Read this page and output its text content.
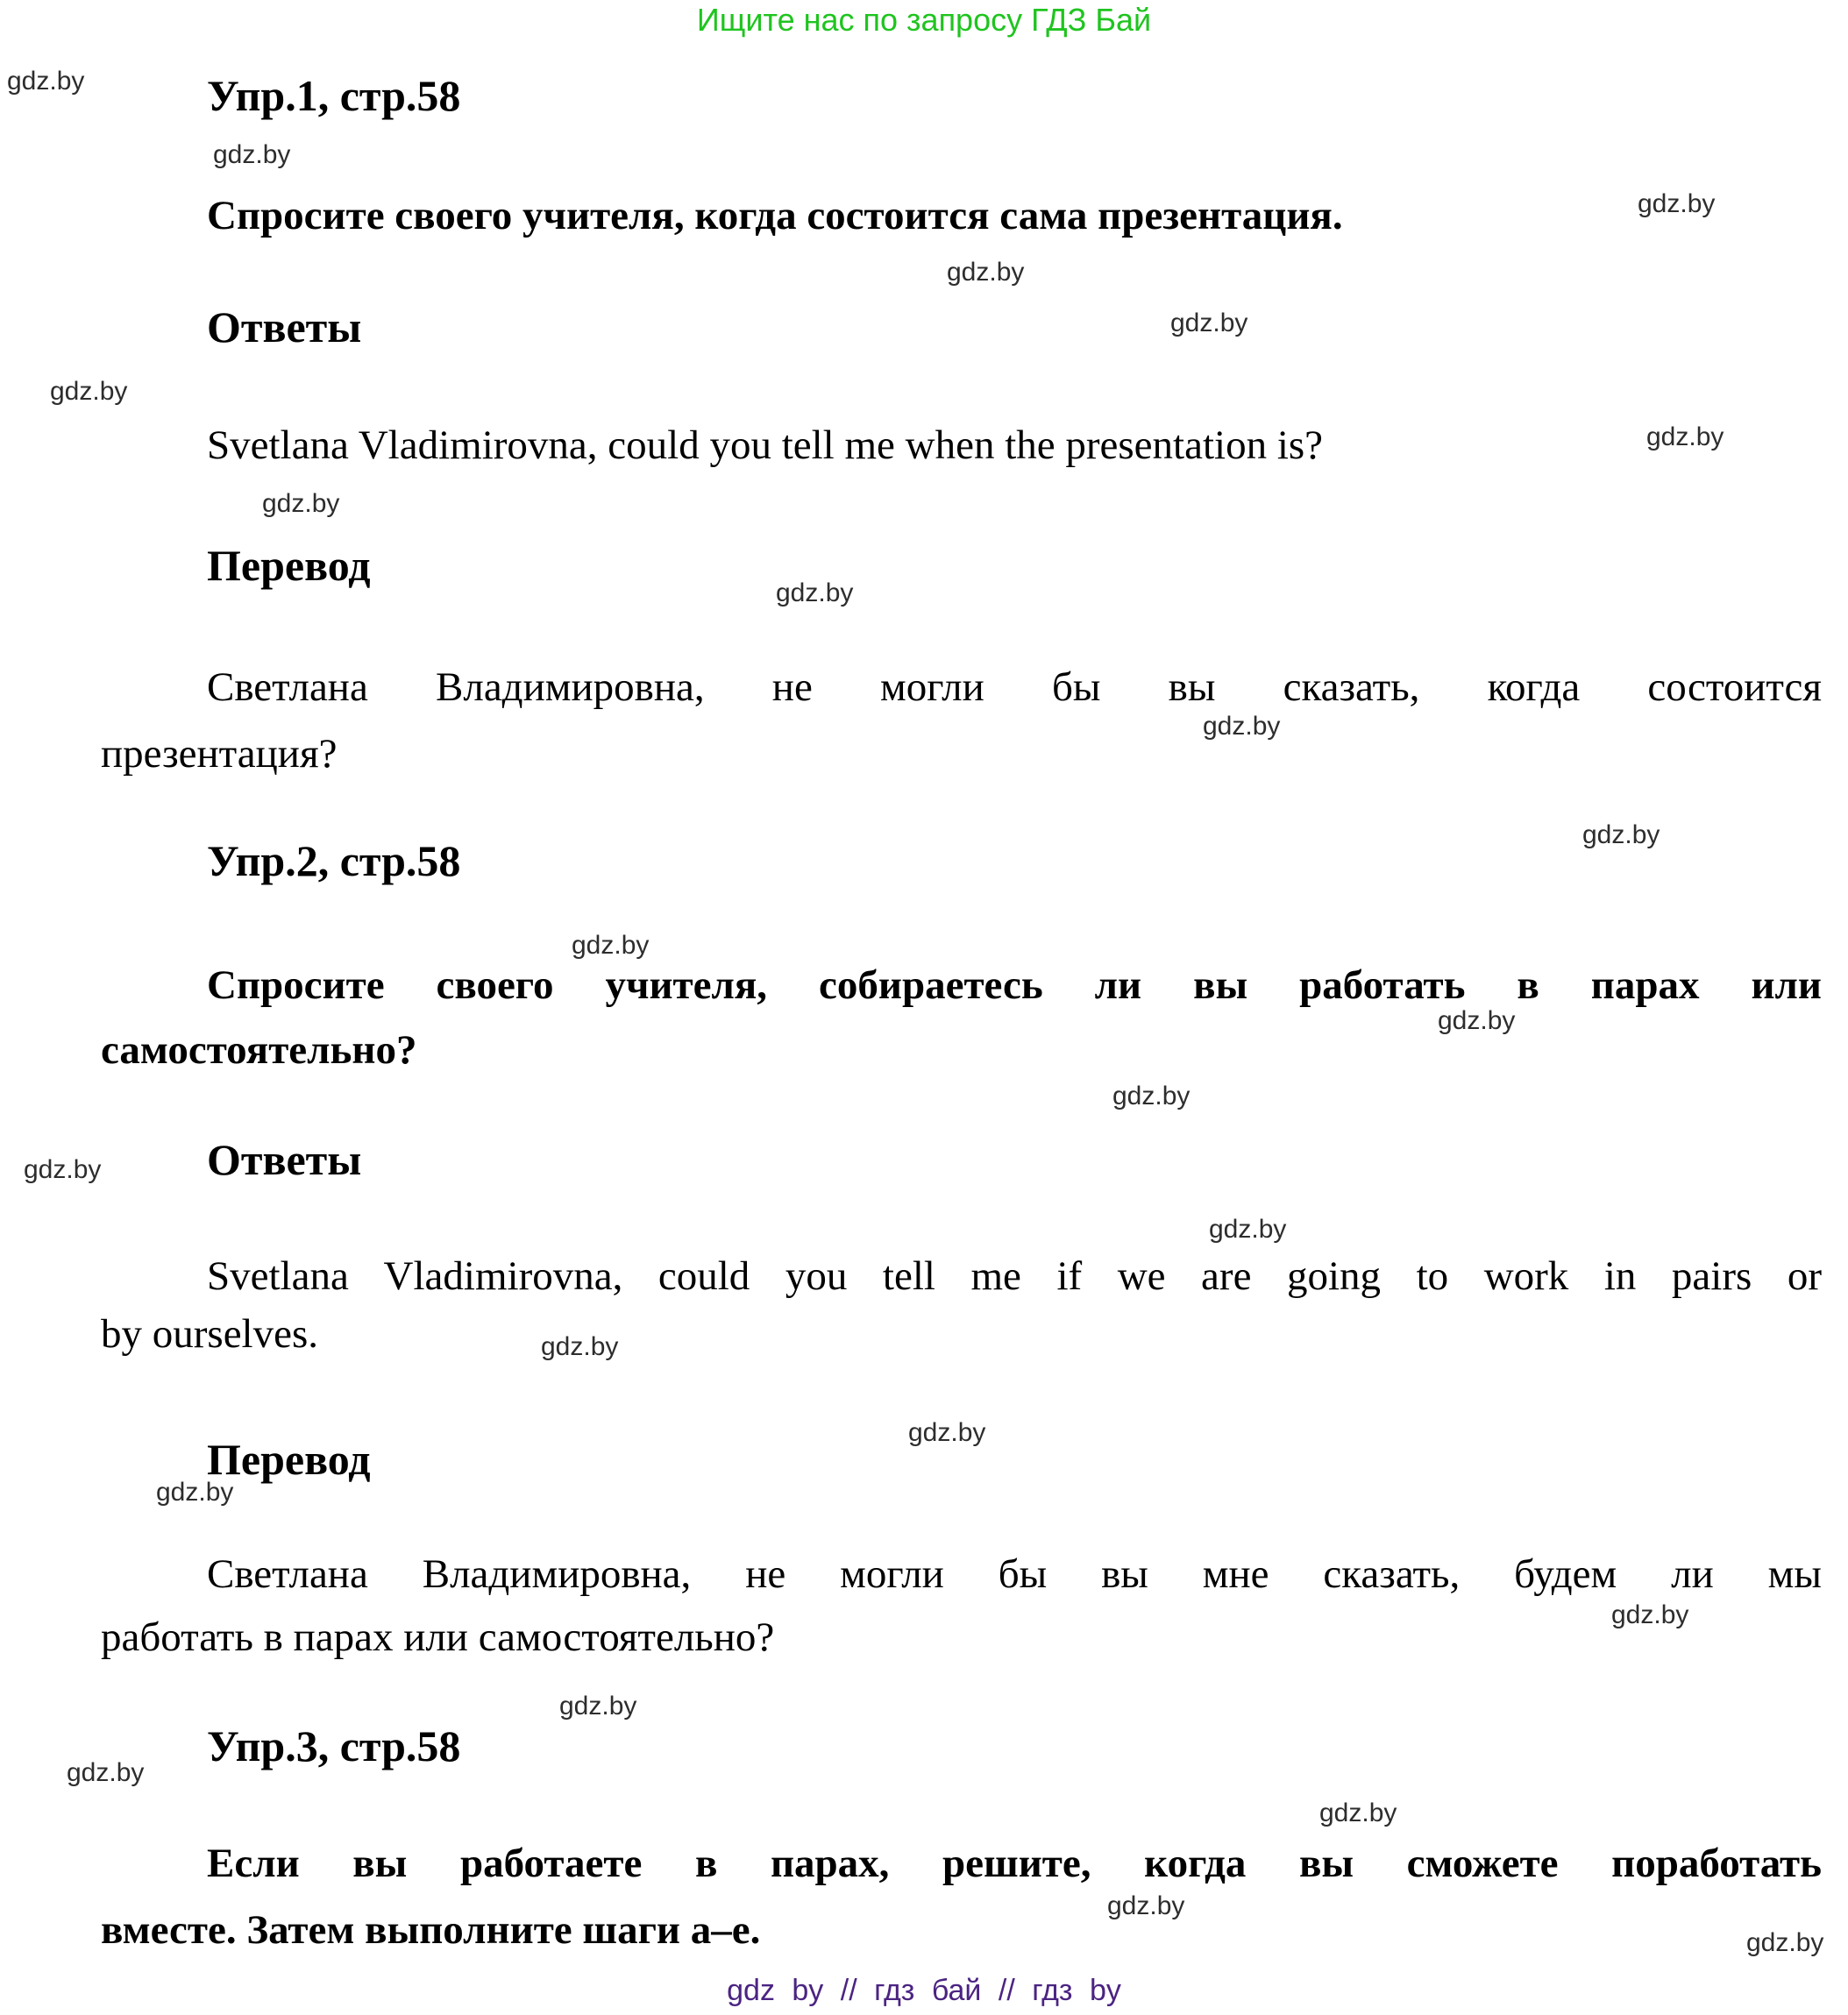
Ищите нас по запросу ГДЗ Бай
gdz.by
gdz.by
gdz.by
gdz.by
gdz.by
gdz.by
gdz.by
gdz.by
gdz.by
gdz.by
gdz.by
gdz.by
gdz.by
gdz.by
gdz.by
gdz.by
gdz.by
gdz.by
gdz.by
gdz.by
gdz.by
gdz.by
gdz.by
gdz.by
gdz.by
Упр.1, стр.58
Спросите своего учителя, когда состоится сама презентация.
Ответы
Svetlana Vladimirovna, could you tell me when the presentation is?
Перевод
Светлана Владимировна, не могли бы вы сказать, когда состоится
презентация?
Упр.2, стр.58
Спросите своего учителя, собираетесь ли вы работать в парах или
самостоятельно?
Ответы
Svetlana Vladimirovna, could you tell me if we are going to work in pairs or
by ourselves.
Перевод
Светлана Владимировна, не могли бы вы мне сказать, будем ли мы
работать в парах или самостоятельно?
Упр.3, стр.58
Если вы работаете в парах, решите, когда вы сможете поработать
вместе. Затем выполните шаги a–e.
gdz by // гдз бай // гдз by
